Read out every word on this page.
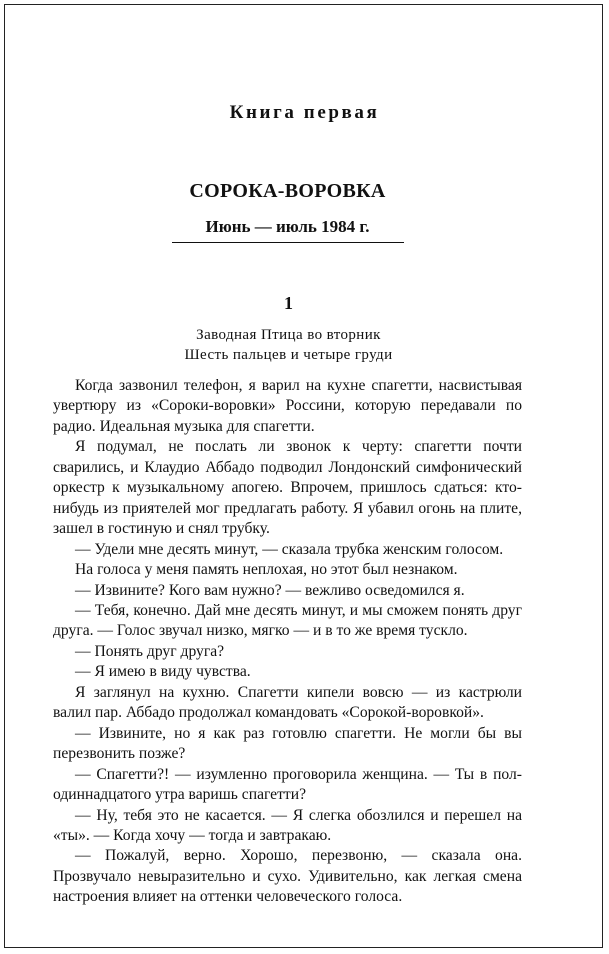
Книга первая
СОРОКА-ВОРОВКА
Июнь — июль 1984 г.
1
Заводная Птица во вторник
Шесть пальцев и четыре груди

Когда зазвонил телефон, я варил на кухне спагетти, насвистывая увертюру из «Сороки-воровки» Россини, которую передавали по радио. Идеальная музыка для спагетти.

Я подумал, не послать ли звонок к черту: спагетти почти сварились, и Клаудио Аббадо подводил Лондонский симфонический оркестр к музыкальному апогею. Впрочем, пришлось сдаться: кто-нибудь из приятелей мог предлагать работу. Я убавил огонь на плите, зашел в гостиную и снял трубку.

— Удели мне десять минут, — сказала трубка женским голосом.

На голоса у меня память неплохая, но этот был незнаком.

— Извините? Кого вам нужно? — вежливо осведомился я.

— Тебя, конечно. Дай мне десять минут, и мы сможем понять друг друга. — Голос звучал низко, мягко — и в то же время тускло.

— Понять друг друга?

— Я имею в виду чувства.

Я заглянул на кухню. Спагетти кипели вовсю — из кастрюли валил пар. Аббадо продолжал командовать «Сорокой-воровкой».

— Извините, но я как раз готовлю спагетти. Не могли бы вы перезвонить позже?

— Спагетти?! — изумленно проговорила женщина. — Ты в пол-одиннадцатого утра варишь спагетти?

— Ну, тебя это не касается. — Я слегка обозлился и перешел на «ты». — Когда хочу — тогда и завтракаю.

— Пожалуй, верно. Хорошо, перезвоню, — сказала она. Прозвучало невыразительно и сухо. Удивительно, как легкая смена настроения влияет на оттенки человеческого голоса.
